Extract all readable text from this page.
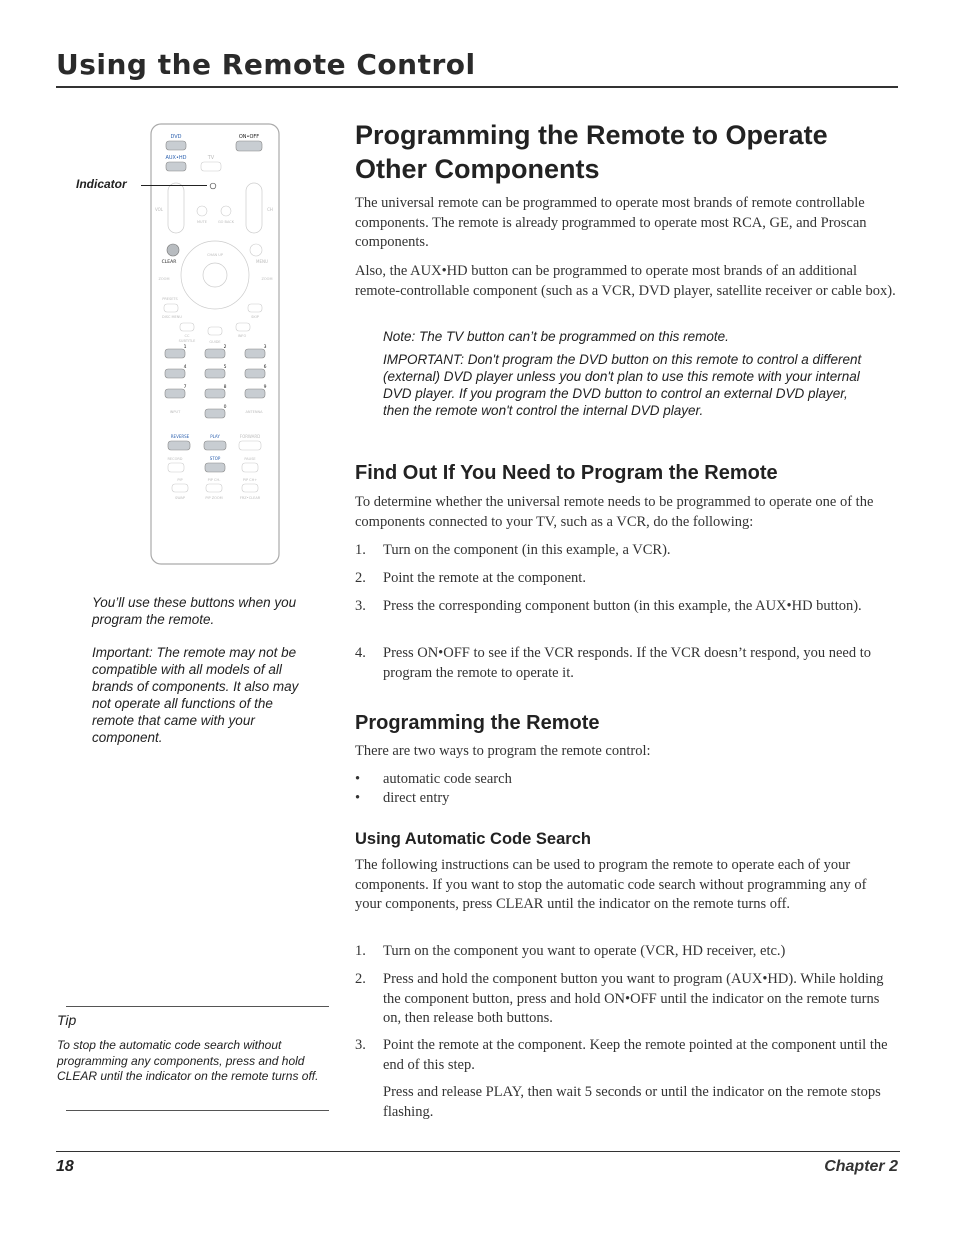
Using the Remote Control
DVD	ON•OFF
AUX•HD	TV
VOL	CH
MUTE	GO BACK
CLEAR	MENU
CHAN UP
ZOOM	ZOOM
PRESETS
DISC MENU	SKIP
CC
SUBTITLE	GUIDE
INFO
1	2	3
4	5	6
7	8	9
0
INPUT	ANTENNA
REVERSE	PLAY	FORWARD
RECORD	STOP	PAUSE
PIP	PIP CH-	PIP CH+
SWAP	PIP ZOOM	FRZ•CLEAR
Indicator
You’ll use these buttons when you program the remote.
Important: The remote may not be compatible with all models of all brands of components. It also may not operate all functions of the remote that came with your component.
Tip
To stop the automatic code search without programming any components, press and hold CLEAR until the indicator on the remote turns off.
Programming the Remote to Operate Other Components
The universal remote can be programmed to operate most brands of remote controllable components. The remote is already programmed to operate most RCA, GE, and Proscan components.
Also, the AUX•HD button can be programmed to operate most brands of an additional remote-controllable component (such as a VCR, DVD player, satellite receiver or cable box).
Note: The TV button can’t be programmed on this remote.
IMPORTANT: Don't program the DVD button on this remote to control a different (external) DVD player unless you don't plan to use this remote with your internal DVD player. If you program the DVD button to control an external DVD player, then the remote won't control the internal DVD player.
Find Out If You Need to Program the Remote
To determine whether the universal remote needs to be programmed to operate one of the components connected to your TV, such as a VCR, do the following:
1. Turn on the component (in this example, a VCR).
2. Point the remote at the component.
3. Press the corresponding component button (in this example, the AUX•HD button).
4. Press ON•OFF to see if the VCR responds. If the VCR doesn’t respond, you need to program the remote to operate it.
Programming the Remote
There are two ways to program the remote control:
• automatic code search
• direct entry
Using Automatic Code Search
The following instructions can be used to program the remote to operate each of your components. If you want to stop the automatic code search without programming any of your components, press CLEAR until the indicator on the remote turns off.
1. Turn on the component you want to operate (VCR, HD receiver, etc.)
2. Press and hold the component button you want to program (AUX•HD). While holding the component button, press and hold ON•OFF until the indicator on the remote turns on, then release both buttons.
3. Point the remote at the component. Keep the remote pointed at the component until the end of this step.
Press and release PLAY, then wait 5 seconds or until the indicator on the remote stops flashing.
18	Chapter 2
